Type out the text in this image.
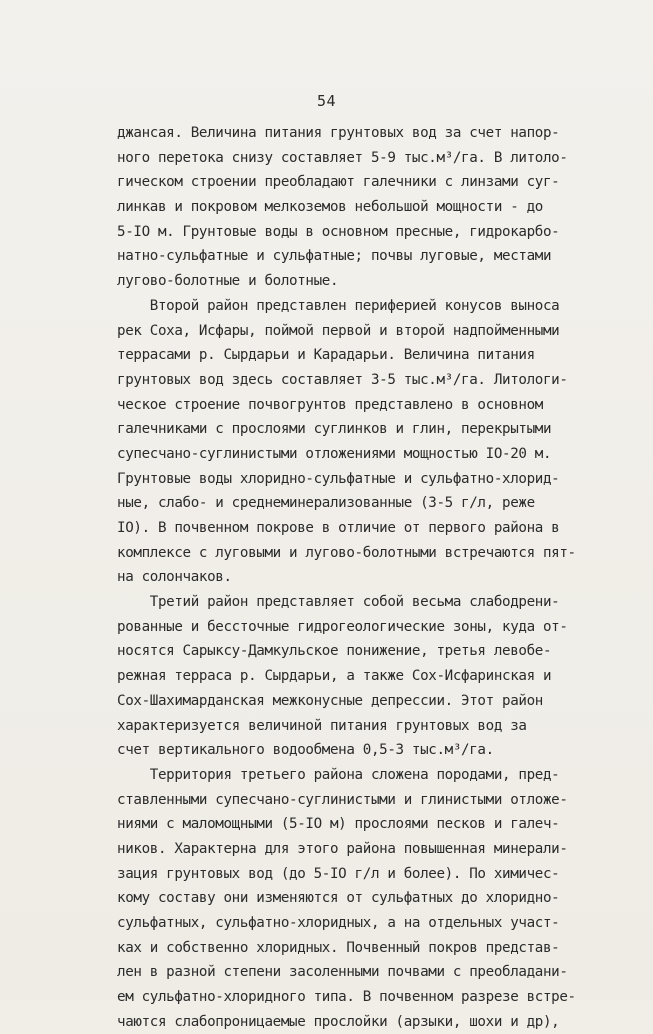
54
джансая. Величина питания грунтовых вод за счет напор-
ного перетока снизу составляет 5-9 тыс.м³/га. В литоло-
гическом строении преобладают галечники с линзами суг-
линкав и покровом мелкоземов небольшой мощности - до
5-IO м. Грунтовые воды в основном пресные, гидрокарбо-
натно-сульфатные и сульфатные; почвы луговые, местами
лугово-болотные и болотные.
Второй район представлен периферией конусов выноса
рек Соха, Исфары, поймой первой и второй надпойменными
террасами р. Сырдарьи и Карадарьи. Величина питания
грунтовых вод здесь составляет 3-5 тыс.м³/га. Литологи-
ческое строение почвогрунтов представлено в основном
галечниками с прослоями суглинков и глин, перекрытыми
супесчано-суглинистыми отложениями мощностью IO-20 м.
Грунтовые воды хлоридно-сульфатные и сульфатно-хлорид-
ные, слабо- и среднеминерализованные (3-5 г/л, реже
IO). В почвенном покрове в отличие от первого района в
комплексе с луговыми и лугово-болотными встречаются пят-
на солончаков.
Третий район представляет собой весьма слабодрени-
рованные и бессточные гидрогеологические зоны, куда от-
носятся Сарыксу-Дамкульское понижение, третья левобе-
режная терраса р. Сырдарьи, а также Сох-Исфаринская и
Сох-Шахимарданская межконусные депрессии. Этот район
характеризуется величиной питания грунтовых вод за
счет вертикального водообмена 0,5-3 тыс.м³/га.
Территория третьего района сложена породами, пред-
ставленными супесчано-суглинистыми и глинистыми отложе-
ниями с маломощными (5-IO м) прослоями песков и галеч-
ников. Характерна для этого района повышенная минерали-
зация грунтовых вод (до 5-IO г/л и более). По химичес-
кому составу они изменяются от сульфатных до хлоридно-
сульфатных, сульфатно-хлоридных, а на отдельных участ-
ках и собственно хлоридных. Почвенный покров представ-
лен в разной степени засоленными почвами с преобладани-
ем сульфатно-хлоридного типа. В почвенном разрезе встре-
чаются слабопроницаемые прослойки (арзыки, шохи и др),
